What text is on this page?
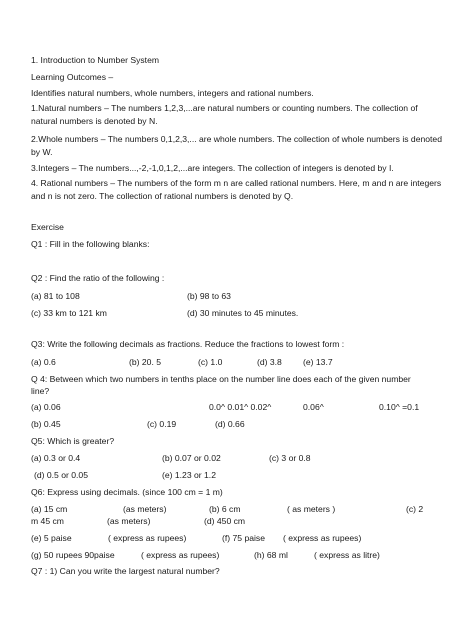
1. Introduction to Number System
Learning Outcomes –
Identifies natural numbers, whole numbers, integers and rational numbers.
1.Natural numbers – The numbers 1,2,3,...are natural numbers or counting numbers. The collection of natural numbers is denoted by N.
2.Whole numbers – The numbers 0,1,2,3,... are whole numbers. The collection of whole numbers is denoted by W.
3.Integers – The numbers...,-2,-1,0,1,2,...are integers. The collection of integers is denoted by I.
4. Rational numbers – The numbers of the form m n are called rational numbers. Here, m and n are integers and n is not zero. The collection of rational numbers is denoted by Q.
Exercise
Q1 : Fill in the following blanks:
Q2 : Find the ratio of the following :
(a) 81 to 108	(b) 98 to 63
(c) 33 km to 121 km	(d) 30 minutes to 45 minutes.
Q3: Write the following decimals as fractions. Reduce the fractions to lowest form :
(a) 0.6	(b) 20. 5	(c) 1.0	(d) 3.8 (e) 13.7
Q 4: Between which two numbers in tenths place on the number line does each of the given number
line?
(a) 0.06	0.0^ 0.01^ 0.02^	0.06^	0.10^ =0.1
(b) 0.45	(c) 0.19	(d) 0.66
Q5: Which is greater?
(a) 0.3 or 0.4	(b) 0.07 or 0.02	(c) 3 or 0.8
(d) 0.5 or 0.05	(e) 1.23 or 1.2
Q6: Express using decimals. (since 100 cm = 1 m)
(a) 15 cm	(as meters)	(b) 6 cm	( as meters )	(c) 2
m 45 cm	(as meters)	(d) 450 cm
(e) 5 paise	( express as rupees)	(f) 75 paise ( express as rupees)
(g) 50 rupees 90paise	( express as rupees)	(h) 68 ml	( express as litre)
Q7 : 1) Can you write the largest natural number?
